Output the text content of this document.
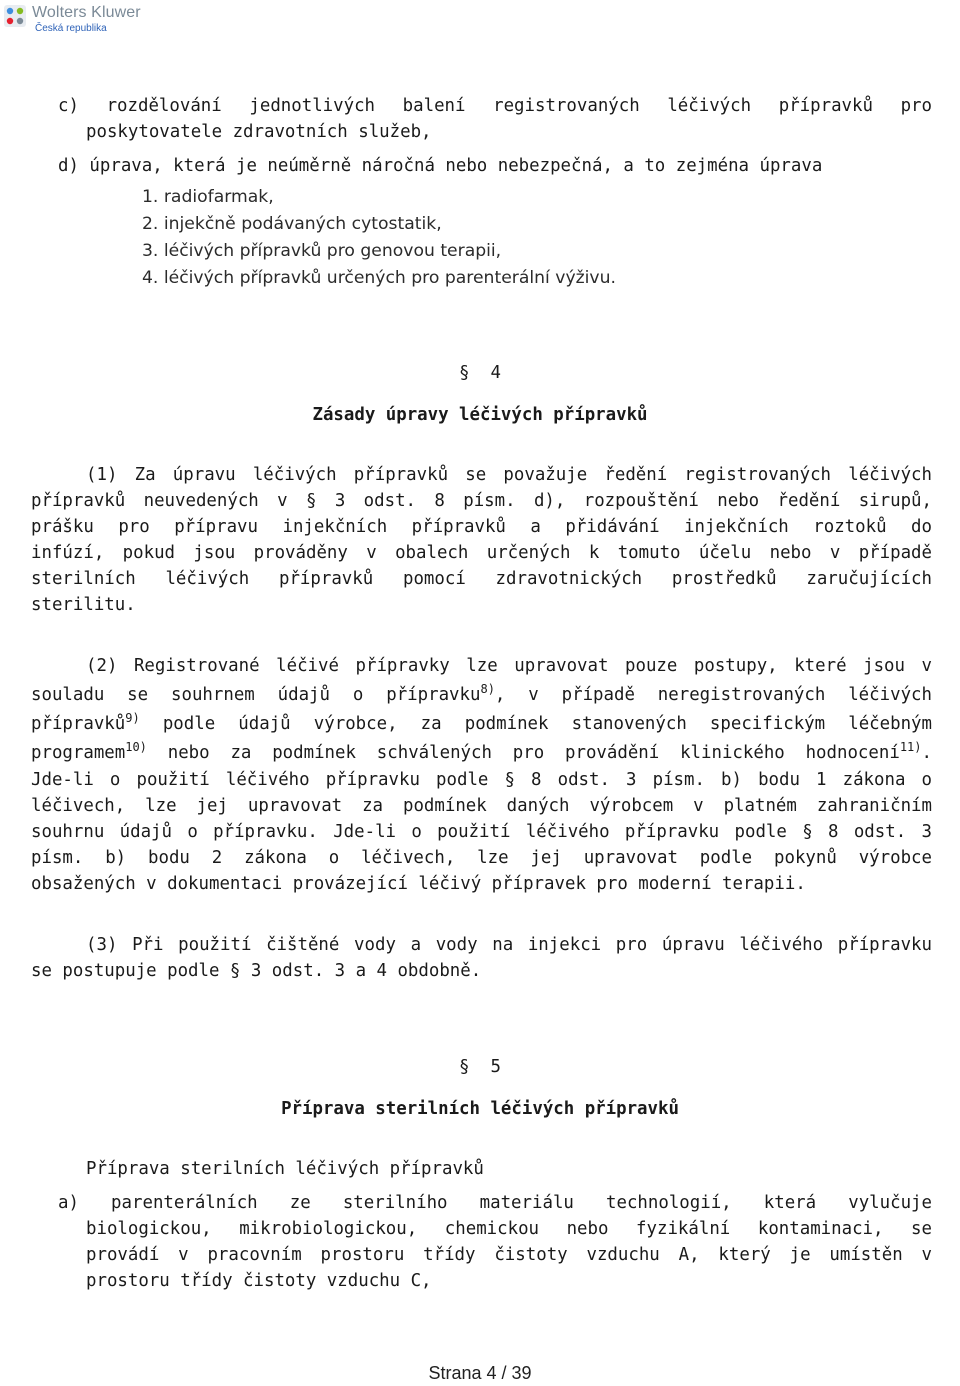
Wolters Kluwer
Česká republika
c) rozdělování jednotlivých balení registrovaných léčivých přípravků pro
poskytovatele zdravotních služeb,
d) úprava, která je neúměrně náročná nebo nebezpečná, a to zejména úprava
1. radiofarmak,
2. injekčně podávaných cytostatik,
3. léčivých přípravků pro genovou terapii,
4. léčivých přípravků určených pro parenterální výživu.
§ 4
Zásady úpravy léčivých přípravků
(1) Za úpravu léčivých přípravků se považuje ředění registrovaných léčivých
přípravků neuvedených v § 3 odst. 8 písm. d), rozpouštění nebo ředění sirupů,
prášku pro přípravu injekčních přípravků a přidávání injekčních roztoků do
infúzí, pokud jsou prováděny v obalech určených k tomuto účelu nebo v případě
sterilních léčivých přípravků pomocí zdravotnických prostředků zaručujících
sterilitu.
(2) Registrované léčivé přípravky lze upravovat pouze postupy, které jsou v
souladu se souhrnem údajů o přípravku$^{8)}$, v případě neregistrovaných léčivých
přípravků$^{9)}$ podle údajů výrobce, za podmínek stanovených specifickým léčebným
programem$^{10)}$ nebo za podmínek schválených pro provádění klinického hodnocení$^{11)}$.
Jde-li o použití léčivého přípravku podle § 8 odst. 3 písm. b) bodu 1 zákona o
léčivech, lze jej upravovat za podmínek daných výrobcem v platném zahraničním
souhrnu údajů o přípravku. Jde-li o použití léčivého přípravku podle § 8 odst. 3
písm. b) bodu 2 zákona o léčivech, lze jej upravovat podle pokynů výrobce
obsažených v dokumentaci provázející léčivý přípravek pro moderní terapii.
(3) Při použití čištěné vody a vody na injekci pro úpravu léčivého přípravku
se postupuje podle § 3 odst. 3 a 4 obdobně.
§ 5
Příprava sterilních léčivých přípravků
Příprava sterilních léčivých přípravků
a) parenterálních ze sterilního materiálu technologií, která vylučuje
biologickou, mikrobiologickou, chemickou nebo fyzikální kontaminaci, se
provádí v pracovním prostoru třídy čistoty vzduchu A, který je umístěn v
prostoru třídy čistoty vzduchu C,
Strana 4 / 39
